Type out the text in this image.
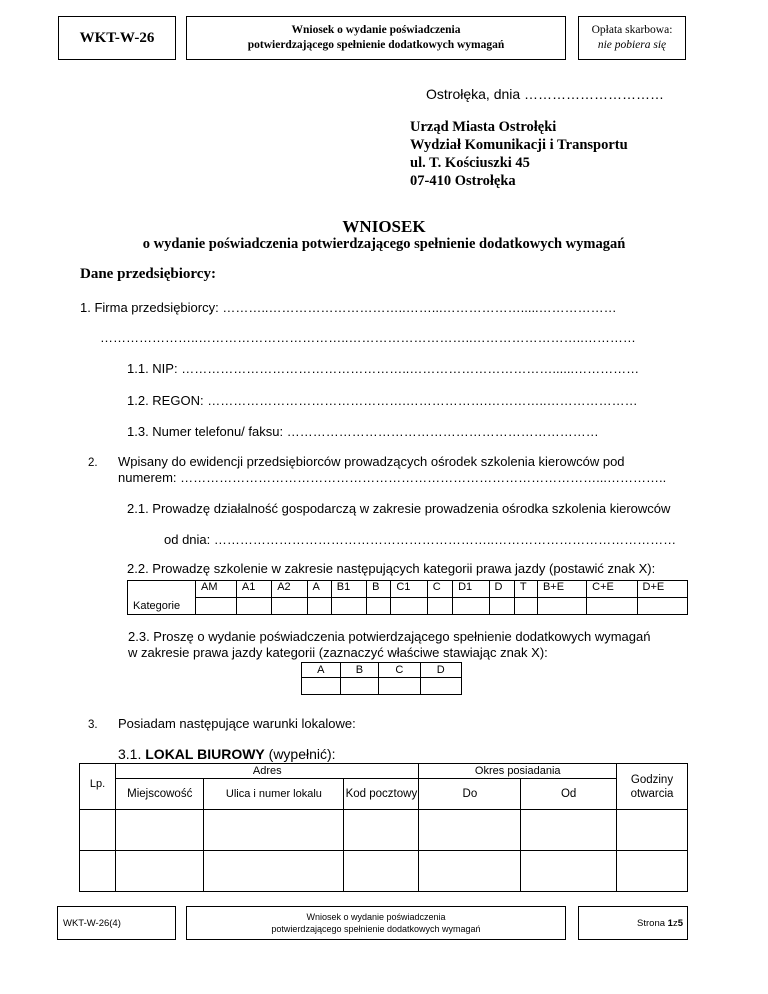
WKT-W-26	Wniosek o wydanie poświadczenia
potwierdzającego spełnienie dodatkowych wymagań
Opłata skarbowa:
nie pobiera się
Ostrołęka, dnia …………………………
Urząd Miasta Ostrołęki
Wydział Komunikacji i Transportu
ul. T. Kościuszki 45
07-410 Ostrołęka
WNIOSEK
o wydanie poświadczenia potwierdzającego spełnienie dodatkowych wymagań
Dane przedsiębiorcy:
1. Firma przedsiębiorcy: ………..…………………………..……...……………….....………………
…………………..……………………………..………………………..……………………..…………
1.1. NIP: ……………………………………………..……………………………......……………
1.2. REGON: ……………………………………….……………….…………..…………………
1.3. Numer telefonu/ faksu: ………………………………………………………………
2. Wpisany do ewidencji przedsiębiorców prowadzących ośrodek szkolenia kierowców pod
numerem: ……………………………………………………………………………………...…………..
2.1. Prowadzę działalność gospodarczą w zakresie prowadzenia ośrodka szkolenia kierowców
od dnia: ………………………………………………………..……………………………………
2.2. Prowadzę szkolenie w zakresie następujących kategorii prawa jazdy (postawić znak X):
Kategorie	AM	A1	A2	A	B1	B	C1	C	D1	D	T	B+E	C+E	D+E

2.3. Proszę o wydanie poświadczenia potwierdzającego spełnienie dodatkowych wymagań
w zakresie prawa jazdy kategorii (zaznaczyć właściwe stawiając znak X):
A	B	C	D

3. Posiadam następujące warunki lokalowe:
3.1. LOKAL BIUROWY (wypełnić):
Lp.	Adres			Okres posiadania		Godziny otwarcia
	Miejscowość	Ulica i numer lokalu	Kod pocztowy	Do	Od	

WKT-W-26(4)
Wniosek o wydanie poświadczenia
potwierdzającego spełnienie dodatkowych wymagań
Strona
1 z 5
